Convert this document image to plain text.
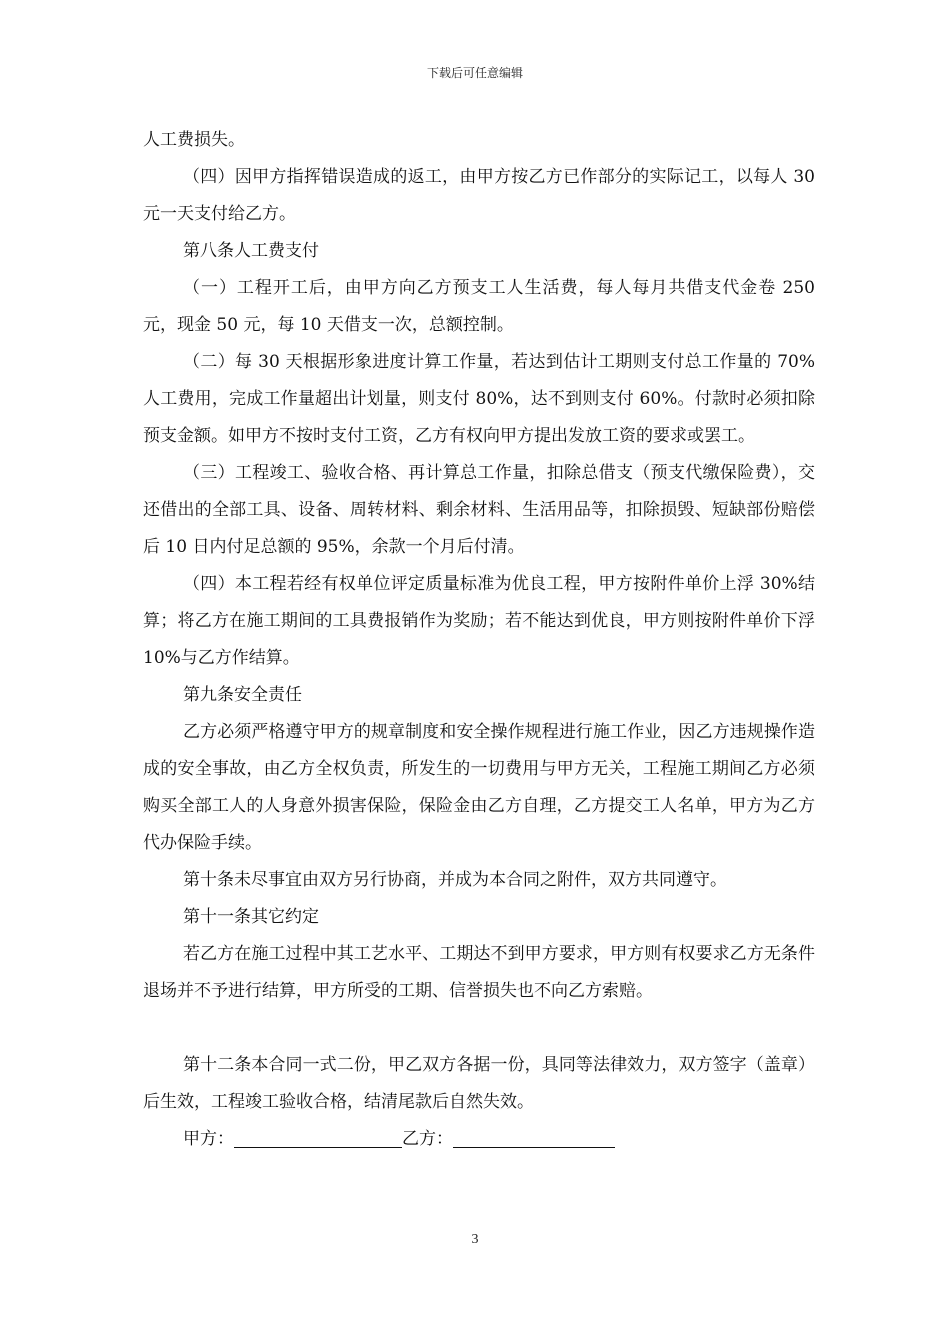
下载后可任意编辑

人工费损失。

（四）因甲方指挥错误造成的返工，由甲方按乙方已作部分的实际记工，以每人 30 元一天支付给乙方。

第八条人工费支付

（一）工程开工后，由甲方向乙方预支工人生活费，每人每月共借支代金卷 250 元，现金 50 元，每 10 天借支一次，总额控制。

（二）每 30 天根据形象进度计算工作量，若达到估计工期则支付总工作量的 70%人工费用，完成工作量超出计划量，则支付 80%，达不到则支付 60%。付款时必须扣除预支金额。如甲方不按时支付工资，乙方有权向甲方提出发放工资的要求或罢工。

（三）工程竣工、验收合格、再计算总工作量，扣除总借支（预支代缴保险费），交还借出的全部工具、设备、周转材料、剩余材料、生活用品等，扣除损毁、短缺部份赔偿后 10 日内付足总额的 95%，余款一个月后付清。

（四）本工程若经有权单位评定质量标准为优良工程，甲方按附件单价上浮 30%结算；将乙方在施工期间的工具费报销作为奖励；若不能达到优良，甲方则按附件单价下浮 10%与乙方作结算。

第九条安全责任

乙方必须严格遵守甲方的规章制度和安全操作规程进行施工作业，因乙方违规操作造成的安全事故，由乙方全权负责，所发生的一切费用与甲方无关，工程施工期间乙方必须购买全部工人的人身意外损害保险，保险金由乙方自理，乙方提交工人名单，甲方为乙方代办保险手续。

第十条未尽事宜由双方另行协商，并成为本合同之附件，双方共同遵守。

第十一条其它约定

若乙方在施工过程中其工艺水平、工期达不到甲方要求，甲方则有权要求乙方无条件退场并不予进行结算，甲方所受的工期、信誉损失也不向乙方索赔。

第十二条本合同一式二份，甲乙双方各据一份，具同等法律效力，双方签字（盖章）后生效，工程竣工验收合格，结清尾款后自然失效。

甲方：	乙方：

3
